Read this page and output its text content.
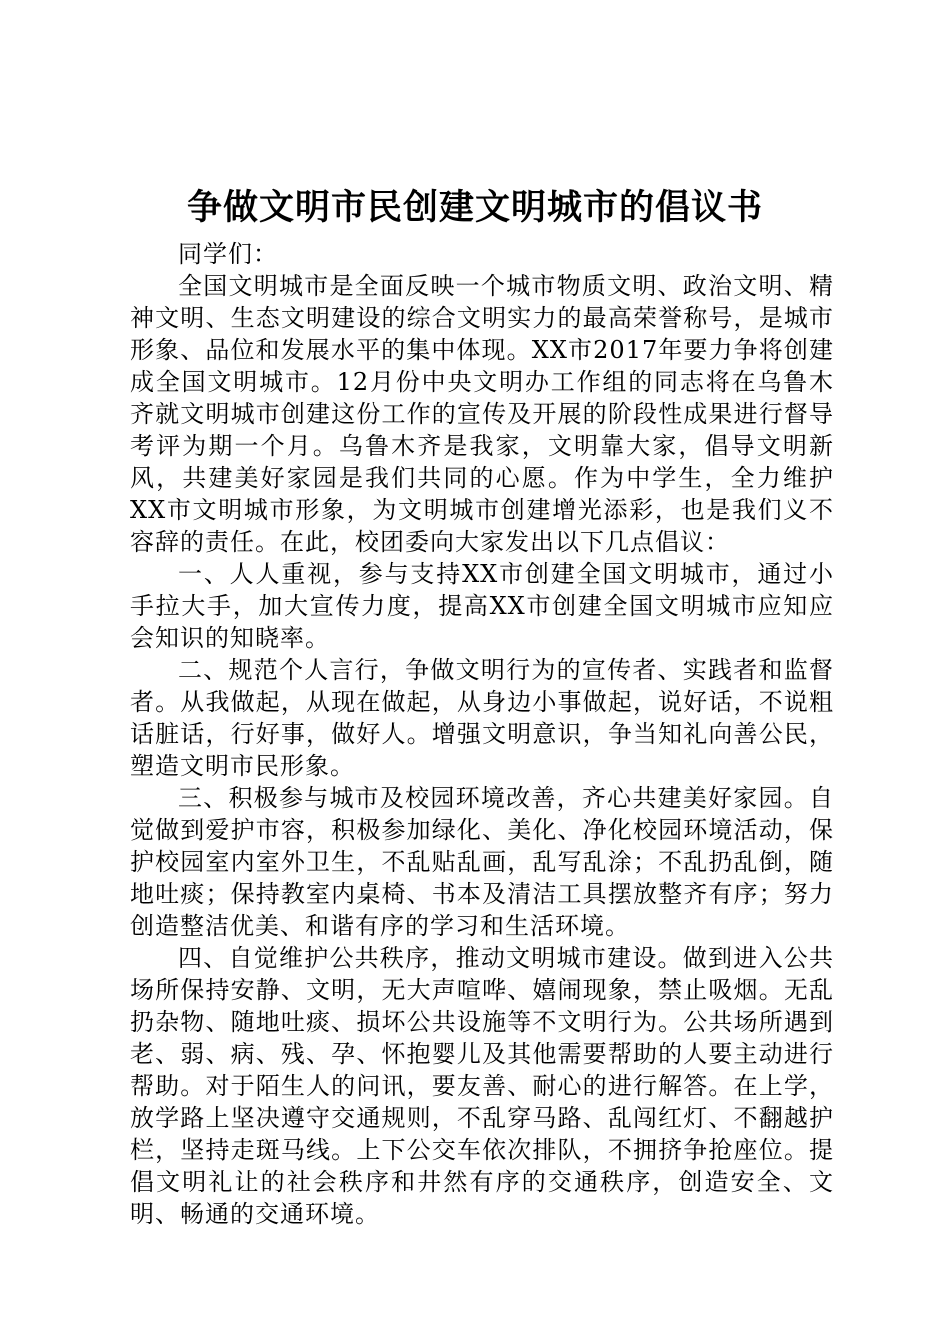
争做文明市民创建文明城市的倡议书

同学们：

全国文明城市是全面反映一个城市物质文明、政治文明、精神文明、生态文明建设的综合文明实力的最高荣誉称号，是城市形象、品位和发展水平的集中体现。XX市2017年要力争将创建成全国文明城市。12月份中央文明办工作组的同志将在乌鲁木齐就文明城市创建这份工作的宣传及开展的阶段性成果进行督导考评为期一个月。乌鲁木齐是我家，文明靠大家，倡导文明新风，共建美好家园是我们共同的心愿。作为中学生，全力维护XX市文明城市形象，为文明城市创建增光添彩，也是我们义不容辞的责任。在此，校团委向大家发出以下几点倡议：

一、人人重视，参与支持XX市创建全国文明城市，通过小手拉大手，加大宣传力度，提高XX市创建全国文明城市应知应会知识的知晓率。

二、规范个人言行，争做文明行为的宣传者、实践者和监督者。从我做起，从现在做起，从身边小事做起，说好话，不说粗话脏话，行好事，做好人。增强文明意识，争当知礼向善公民，塑造文明市民形象。

三、积极参与城市及校园环境改善，齐心共建美好家园。自觉做到爱护市容，积极参加绿化、美化、净化校园环境活动，保护校园室内室外卫生，不乱贴乱画，乱写乱涂；不乱扔乱倒，随地吐痰；保持教室内桌椅、书本及清洁工具摆放整齐有序；努力创造整洁优美、和谐有序的学习和生活环境。

四、自觉维护公共秩序，推动文明城市建设。做到进入公共场所保持安静、文明，无大声喧哗、嬉闹现象，禁止吸烟。无乱扔杂物、随地吐痰、损坏公共设施等不文明行为。公共场所遇到老、弱、病、残、孕、怀抱婴儿及其他需要帮助的人要主动进行帮助。对于陌生人的问讯，要友善、耐心的进行解答。在上学，放学路上坚决遵守交通规则，不乱穿马路、乱闯红灯、不翻越护栏，坚持走斑马线。上下公交车依次排队，不拥挤争抢座位。提倡文明礼让的社会秩序和井然有序的交通秩序，创造安全、文明、畅通的交通环境。
